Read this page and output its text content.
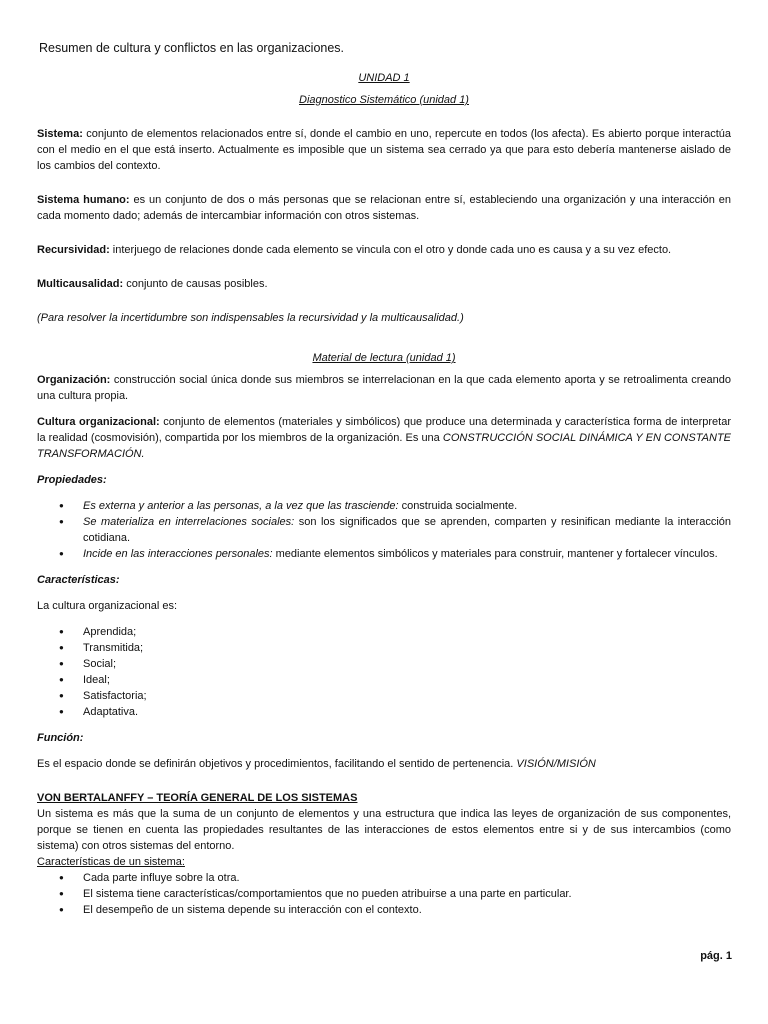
Resumen de cultura y conflictos en las organizaciones.

UNIDAD 1

Diagnostico Sistemático (unidad 1)

Sistema: conjunto de elementos relacionados entre sí, donde el cambio en uno, repercute en todos (los afecta). Es abierto porque interactúa con el medio en el que está inserto. Actualmente es imposible que un sistema sea cerrado ya que para esto debería mantenerse aislado de los cambios del contexto.

Sistema humano: es un conjunto de dos o más personas que se relacionan entre sí, estableciendo una organización y una interacción en cada momento dado; además de intercambiar información con otros sistemas.

Recursividad: interjuego de relaciones donde cada elemento se vincula con el otro y donde cada uno es causa y a su vez efecto.

Multicausalidad: conjunto de causas posibles.

(Para resolver la incertidumbre son indispensables la recursividad y la multicausalidad.)

Material de lectura (unidad 1)

Organización: construcción social única donde sus miembros se interrelacionan en la que cada elemento aporta y se retroalimenta creando una cultura propia.

Cultura organizacional: conjunto de elementos (materiales y simbólicos) que produce una determinada y característica forma de interpretar la realidad (cosmovisión), compartida por los miembros de la organización. Es una CONSTRUCCIÓN SOCIAL DINÁMICA Y EN CONSTANTE TRANSFORMACIÓN.

Propiedades:

● Es externa y anterior a las personas, a la vez que las trasciende: construida socialmente.
● Se materializa en interrelaciones sociales: son los significados que se aprenden, comparten y resinifican mediante la interacción cotidiana.
● Incide en las interacciones personales: mediante elementos simbólicos y materiales para construir, mantener y fortalecer vínculos.

Características:

La cultura organizacional es:

● Aprendida;
● Transmitida;
● Social;
● Ideal;
● Satisfactoria;
● Adaptativa.

Función:

Es el espacio donde se definirán objetivos y procedimientos, facilitando el sentido de pertenencia. VISIÓN/MISIÓN

VON BERTALANFFY – TEORÍA GENERAL DE LOS SISTEMAS

Un sistema es más que la suma de un conjunto de elementos y una estructura que indica las leyes de organización de sus componentes, porque se tienen en cuenta las propiedades resultantes de las interacciones de estos elementos entre si y de sus intercambios (como sistema) con otros sistemas del entorno.

Características de un sistema:

● Cada parte influye sobre la otra.
● El sistema tiene características/comportamientos que no pueden atribuirse a una parte en particular.
● El desempeño de un sistema depende su interacción con el contexto.
pág. 1
